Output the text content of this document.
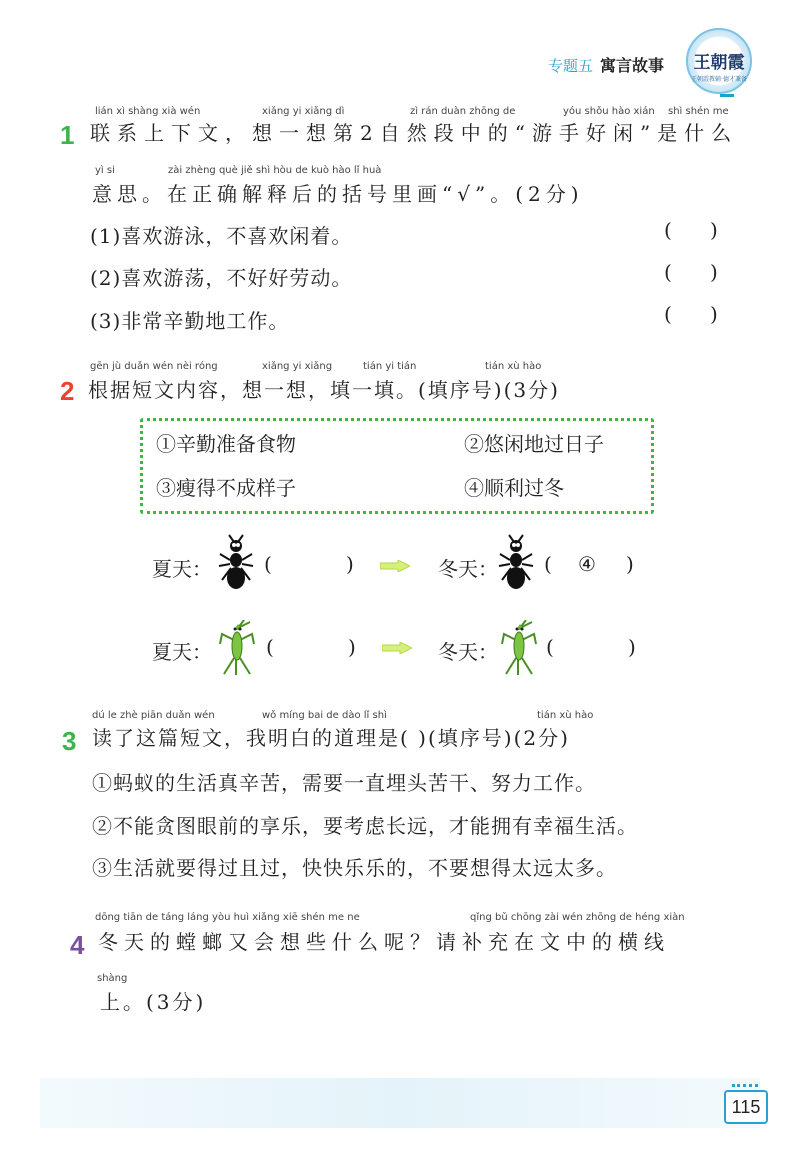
专题五 寓言故事	王朝霞
王朝霞教辅·德才兼备
1
lián xì shàng xià wén	xiǎng yi xiǎng dì	zì rán duàn zhōng de	yóu shǒu hào xián shì shén me
联系上下文，想一想第2自然段中的“游手好闲”是什么
yì si	zài zhèng què jiě shì hòu de kuò hào lǐ huà
意思。在正确解释后的括号里画“√”。(2分)
(1)喜欢游泳，不喜欢闲着。	(      )
(2)喜欢游荡，不好好劳动。	(      )
(3)非常辛勤地工作。	(      )
2
gēn jù duǎn wén nèi róng	xiǎng yi xiǎng	tián yi tián	tián xù hào
根据短文内容，想一想，填一填。(填序号)(3分)
①辛勤准备食物	②悠闲地过日子
③瘦得不成样子	④顺利过冬
夏天：	(	)	冬天： ( ④ )
夏天：	(	)	冬天： (	)
3
dú le zhè piān duǎn wén	wǒ míng bai de dào lǐ shì	tián xù hào
读了这篇短文，我明白的道理是( )(填序号)(2分)
①蚂蚁的生活真辛苦，需要一直埋头苦干、努力工作。
②不能贪图眼前的享乐，要考虑长远，才能拥有幸福生活。
③生活就要得过且过，快快乐乐的，不要想得太远太多。
4
dōng tiān de táng láng yòu huì xiǎng xiē shén me ne	qǐng bǔ chōng zài wén zhōng de héng xiàn
冬天的螳螂又会想些什么呢？请补充在文中的横线
shàng
上。(3分)
115
